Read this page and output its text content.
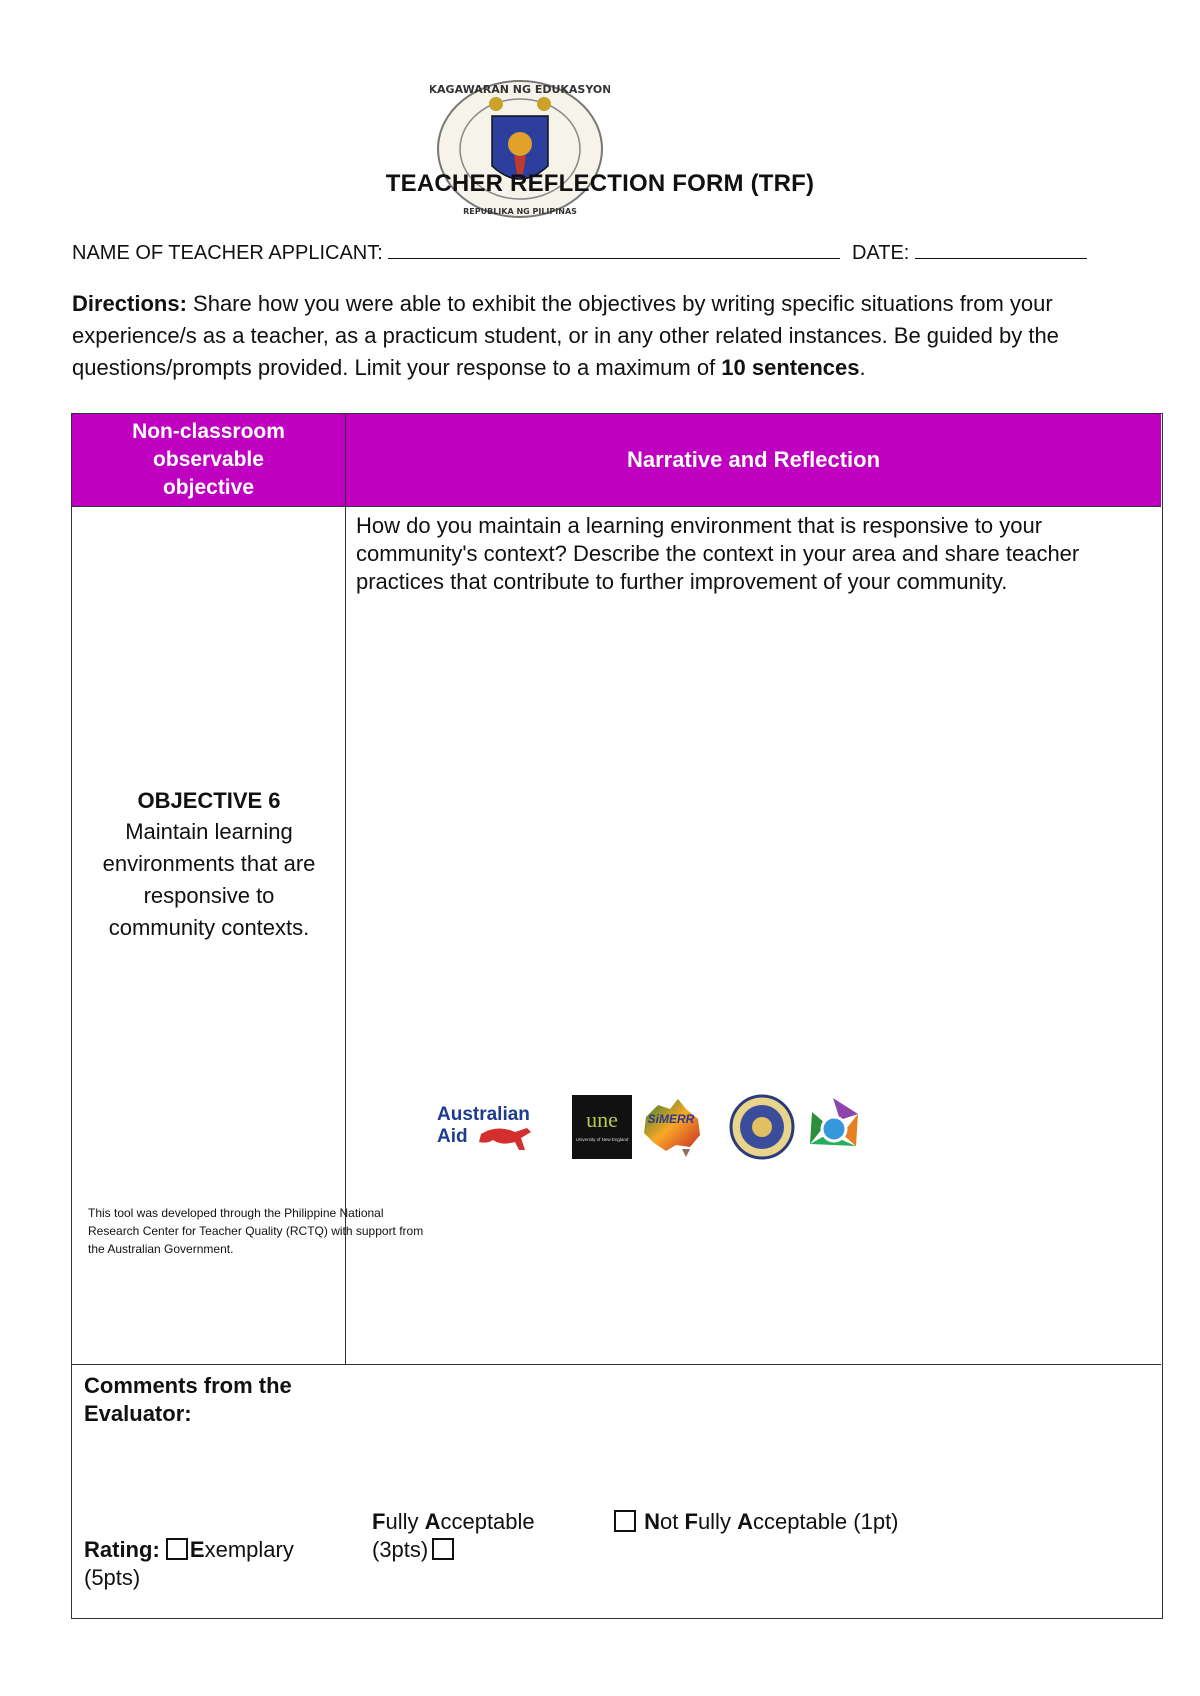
KAGAWARAN NG EDUKASYON
REPUBLIKA NG PILIPINAS
TEACHER REFLECTION FORM (TRF)
NAME OF TEACHER APPLICANT:	DATE:
Directions: Share how you were able to exhibit the objectives by writing specific situations from your experience/s as a teacher, as a practicum student, or in any other related instances. Be guided by the questions/prompts provided. Limit your response to a maximum of 10 sentences.
Non-classroom observable objective
Narrative and Reflection
OBJECTIVE 6
Maintain learning environments that are responsive to community contexts.
This tool was developed through the Philippine National Research Center for Teacher Quality (RCTQ) with support from the Australian Government.
How do you maintain a learning environment that is responsive to your community's context? Describe the context in your area and share teacher practices that contribute to further improvement of your community.
Comments from the Evaluator:
Rating: Exemplary
(5pts)
Fully Acceptable
(3pts)
Not Fully Acceptable (1pt)
Australian
Aid
une
University of New England
SiMERR
